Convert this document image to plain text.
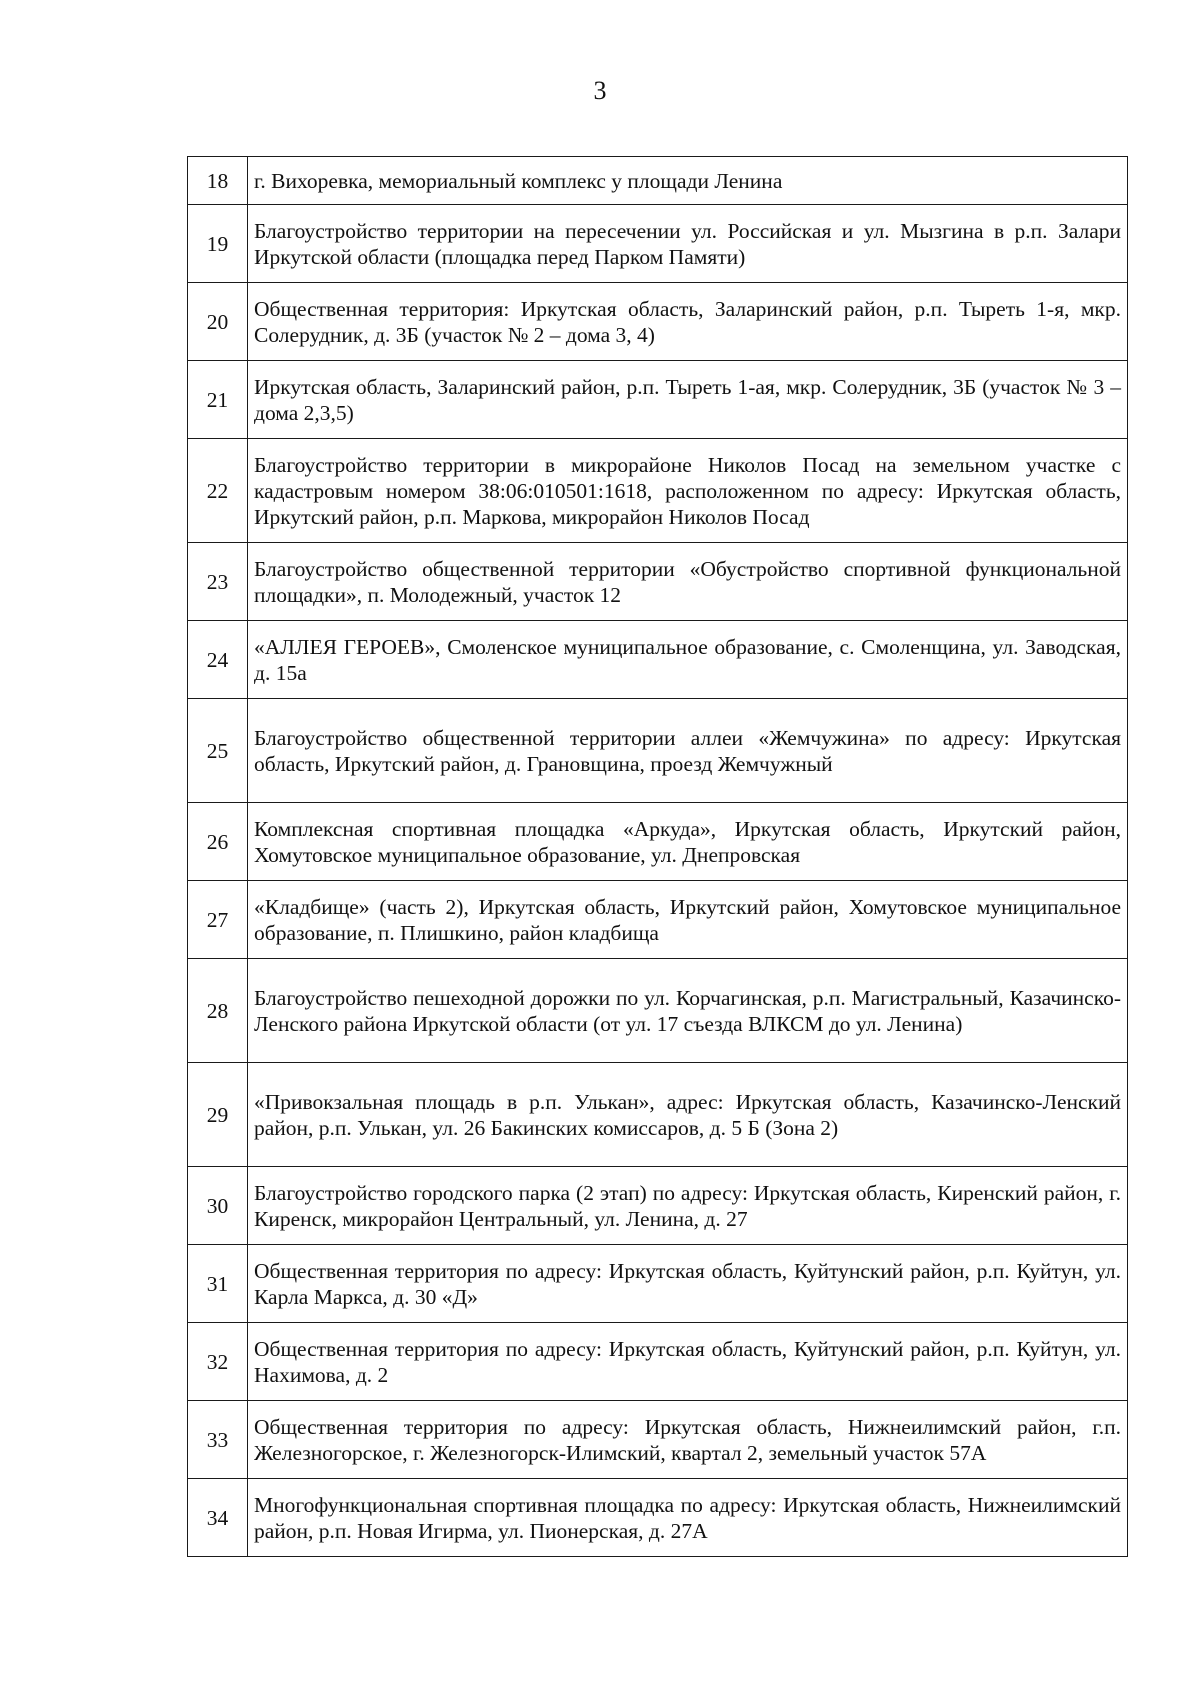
3
18	г. Вихоревка, мемориальный комплекс у площади Ленина
19	Благоустройство территории на пересечении ул. Российская и ул. Мызгина в р.п. Залари Иркутской области (площадка перед Парком Памяти)
20	Общественная территория: Иркутская область, Заларинский район, р.п. Тыреть 1-я, мкр. Солерудник, д. 3Б (участок № 2 – дома 3, 4)
21	Иркутская область, Заларинский район, р.п. Тыреть 1-ая, мкр. Солерудник, 3Б (участок № 3 – дома 2,3,5)
22	Благоустройство территории в микрорайоне Николов Посад на земельном участке с кадастровым номером 38:06:010501:1618, расположенном по адресу: Иркутская область, Иркутский район, р.п. Маркова, микрорайон Николов Посад
23	Благоустройство общественной территории «Обустройство спортивной функциональной площадки», п. Молодежный, участок 12
24	«АЛЛЕЯ ГЕРОЕВ», Смоленское муниципальное образование, с. Смоленщина, ул. Заводская, д. 15а
25	Благоустройство общественной территории аллеи «Жемчужина» по адресу: Иркутская область, Иркутский район, д. Грановщина, проезд Жемчужный
26	Комплексная спортивная площадка «Аркуда», Иркутская область, Иркутский район, Хомутовское муниципальное образование, ул. Днепровская
27	«Кладбище» (часть 2), Иркутская область, Иркутский район, Хомутовское муниципальное образование, п. Плишкино, район кладбища
28	Благоустройство пешеходной дорожки по ул. Корчагинская, р.п. Магистральный, Казачинско-Ленского района Иркутской области (от ул. 17 съезда ВЛКСМ до ул. Ленина)
29	«Привокзальная площадь в р.п. Улькан», адрес: Иркутская область, Казачинско-Ленский район, р.п. Улькан, ул. 26 Бакинских комиссаров, д. 5 Б (Зона 2)
30	Благоустройство городского парка (2 этап) по адресу: Иркутская область, Киренский район, г. Киренск, микрорайон Центральный, ул. Ленина, д. 27
31	Общественная территория по адресу: Иркутская область, Куйтунский район, р.п. Куйтун, ул. Карла Маркса, д. 30 «Д»
32	Общественная территория по адресу: Иркутская область, Куйтунский район, р.п. Куйтун, ул. Нахимова, д. 2
33	Общественная территория по адресу: Иркутская область, Нижнеилимский район, г.п. Железногорское, г. Железногорск-Илимский, квартал 2, земельный участок 57А
34	Многофункциональная спортивная площадка по адресу: Иркутская область, Нижнеилимский район, р.п. Новая Игирма, ул. Пионерская, д. 27А
